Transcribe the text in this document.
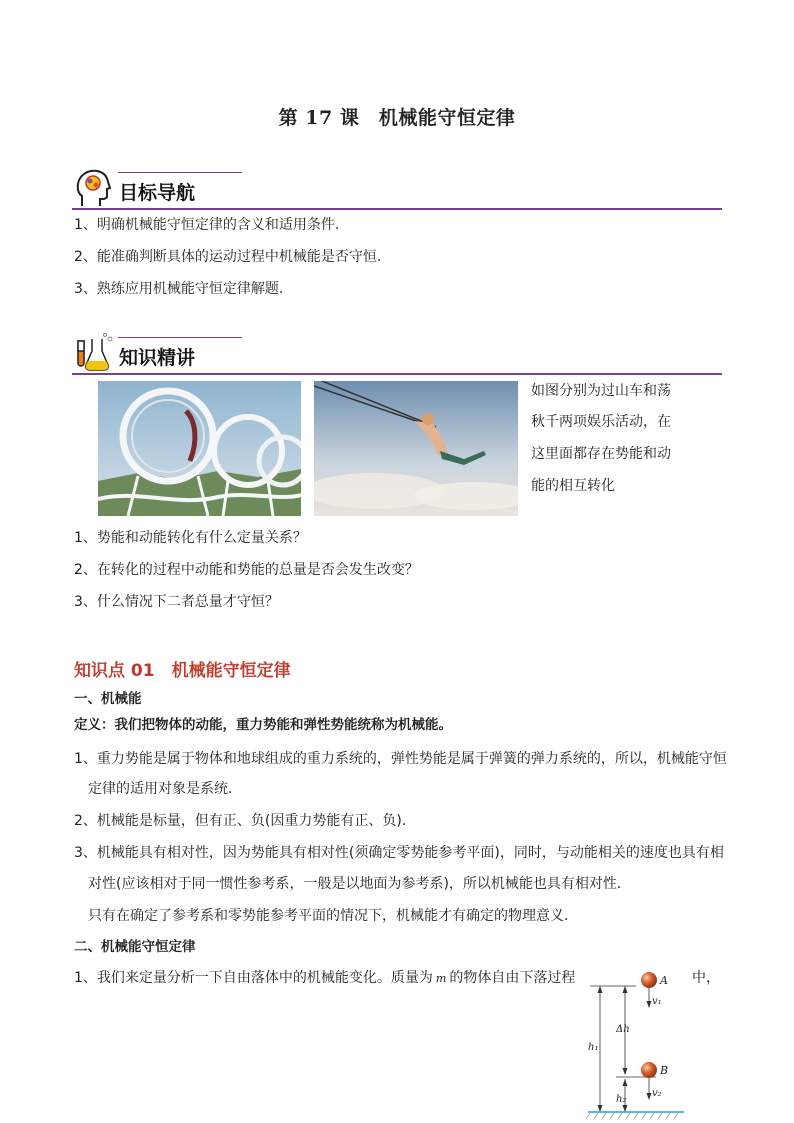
第 17 课　机械能守恒定律
目标导航
1、明确机械能守恒定律的含义和适用条件.
2、能准确判断具体的运动过程中机械能是否守恒.
3、熟练应用机械能守恒定律解题.
知识精讲
如图分别为过山车和荡
秋千两项娱乐活动，在
这里面都存在势能和动
能的相互转化
1、势能和动能转化有什么定量关系？
2、在转化的过程中动能和势能的总量是否会发生改变？
3、什么情况下二者总量才守恒？
知识点 01　机械能守恒定律
一、机械能
定义：我们把物体的动能，重力势能和弹性势能统称为机械能。
1、重力势能是属于物体和地球组成的重力系统的，弹性势能是属于弹簧的弹力系统的，所以，机械能守恒
定律的适用对象是系统．
2、机械能是标量，但有正、负(因重力势能有正、负)．
3、机械能具有相对性，因为势能具有相对性(须确定零势能参考平面)，同时，与动能相关的速度也具有相
对性(应该相对于同一惯性参考系，一般是以地面为参考系)，所以机械能也具有相对性．
只有在确定了参考系和零势能参考平面的情况下，机械能才有确定的物理意义．
二、机械能守恒定律
1、我们来定量分析一下自由落体中的机械能变化。质量为 m 的物体自由下落过程	中，
A
B
v₁
v₂
Δh
h₁
h₂
